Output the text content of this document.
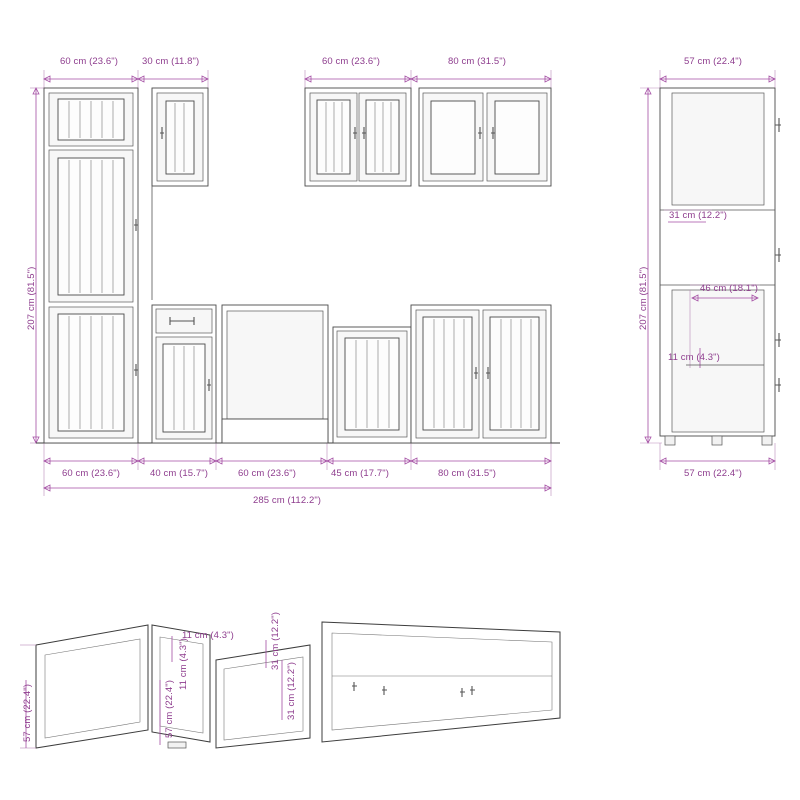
60 cm (23.6")	30 cm (11.8")	60 cm (23.6")	80 cm (31.5")
207 cm (81.5")
60 cm (23.6")	40 cm (15.7")	60 cm (23.6")	45 cm (17.7")	80 cm (31.5")
285 cm (112.2")
57 cm (22.4")
207 cm (81.5")
31 cm (12.2")
46 cm (18.1")
11 cm (4.3")
57 cm (22.4")
11 cm (4.3")
11 cm (4.3")
57 cm (22.4")	57 cm (22.4")	31 cm (12.2")
31 cm (12.2")
